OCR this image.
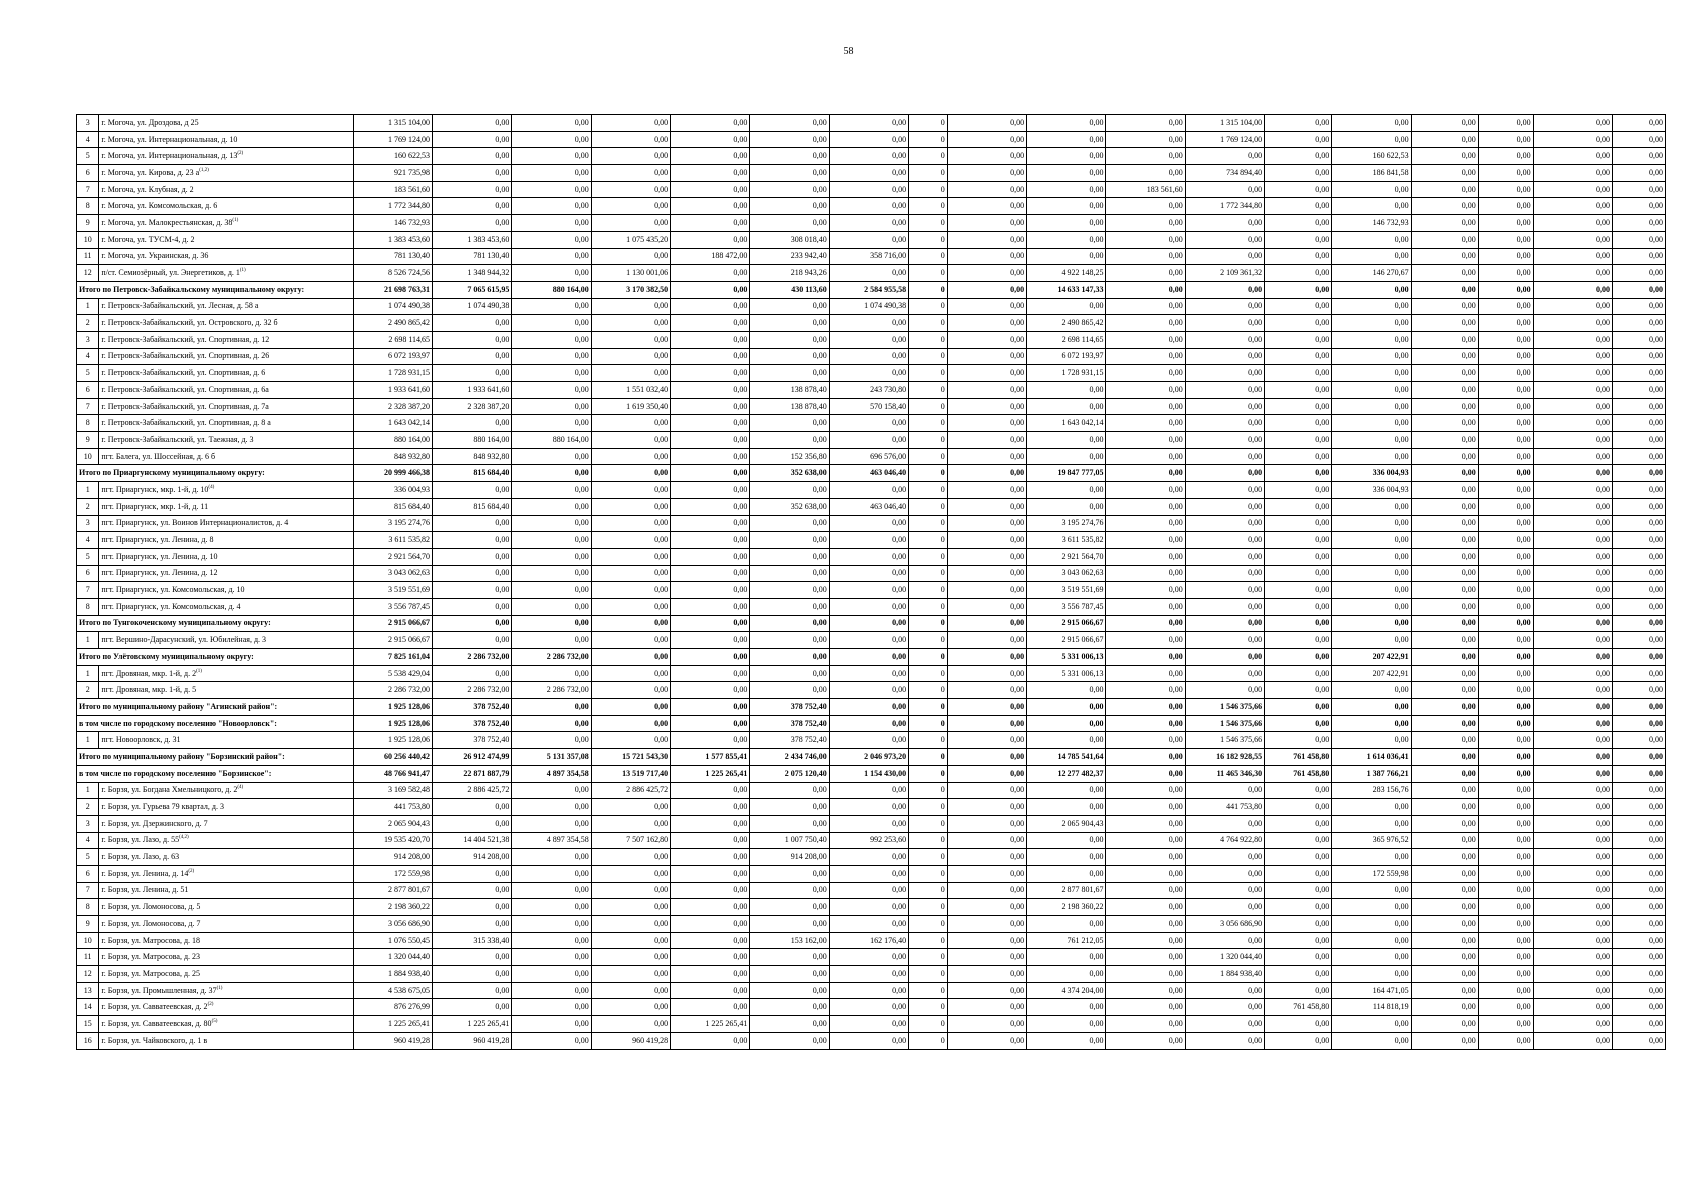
58
3	г. Могоча, ул. Дроздова, д 25	1 315 104,00	0,00	0,00	0,00	0,00	0,00	0,00	0	0,00	0,00	0,00	1 315 104,00	0,00	0,00	0,00	0,00	0,00	0,00
4	г. Могоча, ул. Интернациональная, д. 10	1 769 124,00	0,00	0,00	0,00	0,00	0,00	0,00	0	0,00	0,00	0,00	1 769 124,00	0,00	0,00	0,00	0,00	0,00	0,00
5	г. Могоча, ул. Интернациональная, д. 13$^{(2)}$	160 622,53	0,00	0,00	0,00	0,00	0,00	0,00	0	0,00	0,00	0,00	0,00	0,00	160 622,53	0,00	0,00	0,00	0,00
6	г. Могоча, ул. Кирова, д. 23 $а^{(1,2)}$	921 735,98	0,00	0,00	0,00	0,00	0,00	0,00	0	0,00	0,00	0,00	734 894,40	0,00	186 841,58	0,00	0,00	0,00	0,00
7	г. Могоча, ул. Клубная, д. 2	183 561,60	0,00	0,00	0,00	0,00	0,00	0,00	0	0,00	0,00	183 561,60	0,00	0,00	0,00	0,00	0,00	0,00	0,00
8	г. Могоча, ул. Комсомольская, д. 6	1 772 344,80	0,00	0,00	0,00	0,00	0,00	0,00	0	0,00	0,00	0,00	1 772 344,80	0,00	0,00	0,00	0,00	0,00	0,00
9	г. Могоча, ул. Малокрестьянская, д. 38$^{(1)}$	146 732,93	0,00	0,00	0,00	0,00	0,00	0,00	0	0,00	0,00	0,00	0,00	0,00	146 732,93	0,00	0,00	0,00	0,00
10	г. Могоча, ул. ТУСМ-4, д. 2	1 383 453,60	1 383 453,60	0,00	1 075 435,20	0,00	308 018,40	0,00	0	0,00	0,00	0,00	0,00	0,00	0,00	0,00	0,00	0,00	0,00
11	г. Могоча, ул. Украинская, д. 36	781 130,40	781 130,40	0,00	0,00	188 472,00	233 942,40	358 716,00	0	0,00	0,00	0,00	0,00	0,00	0,00	0,00	0,00	0,00	0,00
12	п/ст. Семиозёрный, ул. Энергетиков, д. 1$^{(1)}$	8 526 724,56	1 348 944,32	0,00	1 130 001,06	0,00	218 943,26	0,00	0	0,00	4 922 148,25	0,00	2 109 361,32	0,00	146 270,67	0,00	0,00	0,00	0,00
Итого по Петровск-Забайкальскому муниципальному округу:		21 698 763,31	7 065 615,95	880 164,00	3 170 382,50	0,00	430 113,60	2 584 955,58	0	0,00	14 633 147,33	0,00	0,00	0,00	0,00	0,00	0,00	0,00	0,00
1	г. Петровск-Забайкальский, ул. Лесная, д. 58 а	1 074 490,38	1 074 490,38	0,00	0,00	0,00	0,00	1 074 490,38	0	0,00	0,00	0,00	0,00	0,00	0,00	0,00	0,00	0,00	0,00
2	г. Петровск-Забайкальский, ул. Островского, д. 32 б	2 490 865,42	0,00	0,00	0,00	0,00	0,00	0,00	0	0,00	2 490 865,42	0,00	0,00	0,00	0,00	0,00	0,00	0,00	0,00
3	г. Петровск-Забайкальский, ул. Спортивная, д. 12	2 698 114,65	0,00	0,00	0,00	0,00	0,00	0,00	0	0,00	2 698 114,65	0,00	0,00	0,00	0,00	0,00	0,00	0,00	0,00
4	г. Петровск-Забайкальский, ул. Спортивная, д. 26	6 072 193,97	0,00	0,00	0,00	0,00	0,00	0,00	0	0,00	6 072 193,97	0,00	0,00	0,00	0,00	0,00	0,00	0,00	0,00
5	г. Петровск-Забайкальский, ул. Спортивная, д. 6	1 728 931,15	0,00	0,00	0,00	0,00	0,00	0,00	0	0,00	1 728 931,15	0,00	0,00	0,00	0,00	0,00	0,00	0,00	0,00
6	г. Петровск-Забайкальский, ул. Спортивная, д. 6а	1 933 641,60	1 933 641,60	0,00	1 551 032,40	0,00	138 878,40	243 730,80	0	0,00	0,00	0,00	0,00	0,00	0,00	0,00	0,00	0,00	0,00
7	г. Петровск-Забайкальский, ул. Спортивная, д. 7а	2 328 387,20	2 328 387,20	0,00	1 619 350,40	0,00	138 878,40	570 158,40	0	0,00	0,00	0,00	0,00	0,00	0,00	0,00	0,00	0,00	0,00
8	г. Петровск-Забайкальский, ул. Спортивная, д. 8 а	1 643 042,14	0,00	0,00	0,00	0,00	0,00	0,00	0	0,00	1 643 042,14	0,00	0,00	0,00	0,00	0,00	0,00	0,00	0,00
9	г. Петровск-Забайкальский, ул. Таежная, д. 3	880 164,00	880 164,00	880 164,00	0,00	0,00	0,00	0,00	0	0,00	0,00	0,00	0,00	0,00	0,00	0,00	0,00	0,00	0,00
10	пгт. Балега, ул. Шоссейная, д. 6 б	848 932,80	848 932,80	0,00	0,00	0,00	152 356,80	696 576,00	0	0,00	0,00	0,00	0,00	0,00	0,00	0,00	0,00	0,00	0,00
Итого по Приаргунскому муниципальному округу:		20 999 466,38	815 684,40	0,00	0,00	0,00	352 638,00	463 046,40	0	0,00	19 847 777,05	0,00	0,00	0,00	336 004,93	0,00	0,00	0,00	0,00
1	пгт. Приаргунск, мкр. 1-й, д. 10$^{(4)}$	336 004,93	0,00	0,00	0,00	0,00	0,00	0,00	0	0,00	0,00	0,00	0,00	0,00	336 004,93	0,00	0,00	0,00	0,00
2	пгт. Приаргунск, мкр. 1-й, д. 11	815 684,40	815 684,40	0,00	0,00	0,00	352 638,00	463 046,40	0	0,00	0,00	0,00	0,00	0,00	0,00	0,00	0,00	0,00	0,00
3	пгт. Приаргунск, ул. Воинов Интернационалистов, д. 4	3 195 274,76	0,00	0,00	0,00	0,00	0,00	0,00	0	0,00	3 195 274,76	0,00	0,00	0,00	0,00	0,00	0,00	0,00	0,00
4	пгт. Приаргунск, ул. Ленина, д. 8	3 611 535,82	0,00	0,00	0,00	0,00	0,00	0,00	0	0,00	3 611 535,82	0,00	0,00	0,00	0,00	0,00	0,00	0,00	0,00
5	пгт. Приаргунск, ул. Ленина, д. 10	2 921 564,70	0,00	0,00	0,00	0,00	0,00	0,00	0	0,00	2 921 564,70	0,00	0,00	0,00	0,00	0,00	0,00	0,00	0,00
6	пгт. Приаргунск, ул. Ленина, д. 12	3 043 062,63	0,00	0,00	0,00	0,00	0,00	0,00	0	0,00	3 043 062,63	0,00	0,00	0,00	0,00	0,00	0,00	0,00	0,00
7	пгт. Приаргунск, ул. Комсомольская, д. 10	3 519 551,69	0,00	0,00	0,00	0,00	0,00	0,00	0	0,00	3 519 551,69	0,00	0,00	0,00	0,00	0,00	0,00	0,00	0,00
8	пгт. Приаргунск, ул. Комсомольская, д. 4	3 556 787,45	0,00	0,00	0,00	0,00	0,00	0,00	0	0,00	3 556 787,45	0,00	0,00	0,00	0,00	0,00	0,00	0,00	0,00
Итого по Тунгокоченскому муниципальному округу:		2 915 066,67	0,00	0,00	0,00	0,00	0,00	0,00	0	0,00	2 915 066,67	0,00	0,00	0,00	0,00	0,00	0,00	0,00	0,00
1	пгт. Вершино-Дарасунский, ул. Юбилейная, д. 3	2 915 066,67	0,00	0,00	0,00	0,00	0,00	0,00	0	0,00	2 915 066,67	0,00	0,00	0,00	0,00	0,00	0,00	0,00	0,00
Итого по Улётовскому муниципальному округу:		7 825 161,04	2 286 732,00	2 286 732,00	0,00	0,00	0,00	0,00	0	0,00	5 331 006,13	0,00	0,00	0,00	207 422,91	0,00	0,00	0,00	0,00
1	пгт. Дровяная, мкр. 1-й, д. 2$^{(1)}$	5 538 429,04	0,00	0,00	0,00	0,00	0,00	0,00	0	0,00	5 331 006,13	0,00	0,00	0,00	207 422,91	0,00	0,00	0,00	0,00
2	пгт. Дровяная, мкр. 1-й, д. 5	2 286 732,00	2 286 732,00	2 286 732,00	0,00	0,00	0,00	0,00	0	0,00	0,00	0,00	0,00	0,00	0,00	0,00	0,00	0,00	0,00
Итого по муниципальному району "Агинский район":		1 925 128,06	378 752,40	0,00	0,00	0,00	378 752,40	0,00	0	0,00	0,00	0,00	1 546 375,66	0,00	0,00	0,00	0,00	0,00	0,00
в том числе по городскому поселению "Новоорловск":		1 925 128,06	378 752,40	0,00	0,00	0,00	378 752,40	0,00	0	0,00	0,00	0,00	1 546 375,66	0,00	0,00	0,00	0,00	0,00	0,00
1	пгт. Новоорловск, д. 31	1 925 128,06	378 752,40	0,00	0,00	0,00	378 752,40	0,00	0	0,00	0,00	0,00	1 546 375,66	0,00	0,00	0,00	0,00	0,00	0,00
Итого по муниципальному району "Борзинский район":		60 256 440,42	26 912 474,99	5 131 357,08	15 721 543,30	1 577 855,41	2 434 746,00	2 046 973,20	0	0,00	14 785 541,64	0,00	16 182 928,55	761 458,80	1 614 036,41	0,00	0,00	0,00	0,00
в том числе по городскому поселению "Борзинское":		48 766 941,47	22 871 887,79	4 897 354,58	13 519 717,40	1 225 265,41	2 075 120,40	1 154 430,00	0	0,00	12 277 482,37	0,00	11 465 346,30	761 458,80	1 387 766,21	0,00	0,00	0,00	0,00
1	г. Борзя, ул. Богдана Хмельницкого, д. 2$^{(4)}$	3 169 582,48	2 886 425,72	0,00	2 886 425,72	0,00	0,00	0,00	0	0,00	0,00	0,00	0,00	0,00	283 156,76	0,00	0,00	0,00	0,00
2	г. Борзя, ул. Гурьева 79 квартал, д. 3	441 753,80	0,00	0,00	0,00	0,00	0,00	0,00	0	0,00	0,00	0,00	441 753,80	0,00	0,00	0,00	0,00	0,00	0,00
3	г. Борзя, ул. Дзержинского, д. 7	2 065 904,43	0,00	0,00	0,00	0,00	0,00	0,00	0	0,00	2 065 904,43	0,00	0,00	0,00	0,00	0,00	0,00	0,00	0,00
4	г. Борзя, ул. Лазо, д. 55$^{(4,2)}$	19 535 420,70	14 404 521,38	4 897 354,58	7 507 162,80	0,00	1 007 750,40	992 253,60	0	0,00	0,00	0,00	4 764 922,80	0,00	365 976,52	0,00	0,00	0,00	0,00
5	г. Борзя, ул. Лазо, д. 63	914 208,00	914 208,00	0,00	0,00	0,00	914 208,00	0,00	0	0,00	0,00	0,00	0,00	0,00	0,00	0,00	0,00	0,00	0,00
6	г. Борзя, ул. Ленина, д. 14$^{(2)}$	172 559,98	0,00	0,00	0,00	0,00	0,00	0,00	0	0,00	0,00	0,00	0,00	0,00	172 559,98	0,00	0,00	0,00	0,00
7	г. Борзя, ул. Ленина, д. 51	2 877 801,67	0,00	0,00	0,00	0,00	0,00	0,00	0	0,00	2 877 801,67	0,00	0,00	0,00	0,00	0,00	0,00	0,00	0,00
8	г. Борзя, ул. Ломоносова, д. 5	2 198 360,22	0,00	0,00	0,00	0,00	0,00	0,00	0	0,00	2 198 360,22	0,00	0,00	0,00	0,00	0,00	0,00	0,00	0,00
9	г. Борзя, ул. Ломоносова, д. 7	3 056 686,90	0,00	0,00	0,00	0,00	0,00	0,00	0	0,00	0,00	0,00	3 056 686,90	0,00	0,00	0,00	0,00	0,00	0,00
10	г. Борзя, ул. Матросова, д. 18	1 076 550,45	315 338,40	0,00	0,00	0,00	153 162,00	162 176,40	0	0,00	761 212,05	0,00	0,00	0,00	0,00	0,00	0,00	0,00	0,00
11	г. Борзя, ул. Матросова, д. 23	1 320 044,40	0,00	0,00	0,00	0,00	0,00	0,00	0	0,00	0,00	0,00	1 320 044,40	0,00	0,00	0,00	0,00	0,00	0,00
12	г. Борзя, ул. Матросова, д. 25	1 884 938,40	0,00	0,00	0,00	0,00	0,00	0,00	0	0,00	0,00	0,00	1 884 938,40	0,00	0,00	0,00	0,00	0,00	0,00
13	г. Борзя, ул. Промышленная, д. 37$^{(1)}$	4 538 675,05	0,00	0,00	0,00	0,00	0,00	0,00	0	0,00	4 374 204,00	0,00	0,00	0,00	164 471,05	0,00	0,00	0,00	0,00
14	г. Борзя, ул. Савватеевская, д. 2$^{(2)}$	876 276,99	0,00	0,00	0,00	0,00	0,00	0,00	0	0,00	0,00	0,00	0,00	761 458,80	114 818,19	0,00	0,00	0,00	0,00
15	г. Борзя, ул. Савватеевская, д. 80$^{(5)}$	1 225 265,41	1 225 265,41	0,00	0,00	1 225 265,41	0,00	0,00	0	0,00	0,00	0,00	0,00	0,00	0,00	0,00	0,00	0,00	0,00
16	г. Борзя, ул. Чайковского, д. 1 в	960 419,28	960 419,28	0,00	960 419,28	0,00	0,00	0,00	0	0,00	0,00	0,00	0,00	0,00	0,00	0,00	0,00	0,00	0,00
